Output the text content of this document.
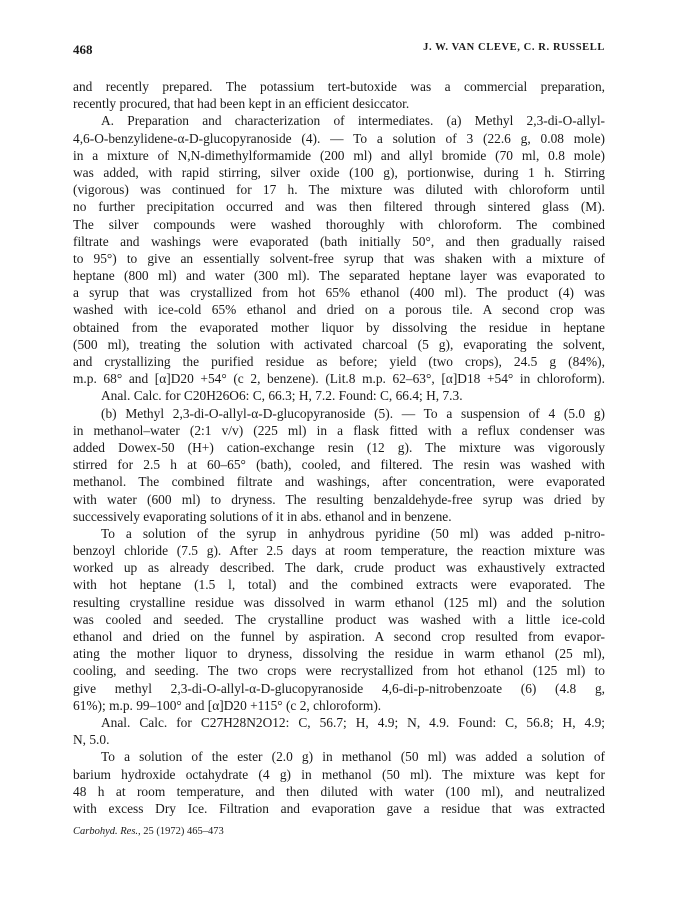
468	J. W. VAN CLEVE, C. R. RUSSELL
and recently prepared. The potassium tert-butoxide was a commercial preparation,
recently procured, that had been kept in an efficient desiccator.
A. Preparation and characterization of intermediates. (a) Methyl 2,3-di-O-allyl-
4,6-O-benzylidene-α-D-glucopyranoside (4). — To a solution of 3 (22.6 g, 0.08 mole)
in a mixture of N,N-dimethylformamide (200 ml) and allyl bromide (70 ml, 0.8 mole)
was added, with rapid stirring, silver oxide (100 g), portionwise, during 1 h. Stirring
(vigorous) was continued for 17 h. The mixture was diluted with chloroform until
no further precipitation occurred and was then filtered through sintered glass (M).
The silver compounds were washed thoroughly with chloroform. The combined
filtrate and washings were evaporated (bath initially 50°, and then gradually raised
to 95°) to give an essentially solvent-free syrup that was shaken with a mixture of
heptane (800 ml) and water (300 ml). The separated heptane layer was evaporated to
a syrup that was crystallized from hot 65% ethanol (400 ml). The product (4) was
washed with ice-cold 65% ethanol and dried on a porous tile. A second crop was
obtained from the evaporated mother liquor by dissolving the residue in heptane
(500 ml), treating the solution with activated charcoal (5 g), evaporating the solvent,
and crystallizing the purified residue as before; yield (two crops), 24.5 g (84%),
m.p. 68° and [α]D20 +54° (c 2, benzene). (Lit.8 m.p. 62–63°, [α]D18 +54° in chloroform).
Anal. Calc. for C20H26O6: C, 66.3; H, 7.2. Found: C, 66.4; H, 7.3.
(b) Methyl 2,3-di-O-allyl-α-D-glucopyranoside (5). — To a suspension of 4 (5.0 g)
in methanol–water (2:1 v/v) (225 ml) in a flask fitted with a reflux condenser was
added Dowex-50 (H+) cation-exchange resin (12 g). The mixture was vigorously
stirred for 2.5 h at 60–65° (bath), cooled, and filtered. The resin was washed with
methanol. The combined filtrate and washings, after concentration, were evaporated
with water (600 ml) to dryness. The resulting benzaldehyde-free syrup was dried by
successively evaporating solutions of it in abs. ethanol and in benzene.
To a solution of the syrup in anhydrous pyridine (50 ml) was added p-nitro-
benzoyl chloride (7.5 g). After 2.5 days at room temperature, the reaction mixture was
worked up as already described. The dark, crude product was exhaustively extracted
with hot heptane (1.5 l, total) and the combined extracts were evaporated. The
resulting crystalline residue was dissolved in warm ethanol (125 ml) and the solution
was cooled and seeded. The crystalline product was washed with a little ice-cold
ethanol and dried on the funnel by aspiration. A second crop resulted from evapor-
ating the mother liquor to dryness, dissolving the residue in warm ethanol (25 ml),
cooling, and seeding. The two crops were recrystallized from hot ethanol (125 ml) to
give methyl 2,3-di-O-allyl-α-D-glucopyranoside 4,6-di-p-nitrobenzoate (6) (4.8 g,
61%); m.p. 99–100° and [α]D20 +115° (c 2, chloroform).
Anal. Calc. for C27H28N2O12: C, 56.7; H, 4.9; N, 4.9. Found: C, 56.8; H, 4.9;
N, 5.0.
To a solution of the ester (2.0 g) in methanol (50 ml) was added a solution of
barium hydroxide octahydrate (4 g) in methanol (50 ml). The mixture was kept for
48 h at room temperature, and then diluted with water (100 ml), and neutralized
with excess Dry Ice. Filtration and evaporation gave a residue that was extracted
Carbohyd. Res., 25 (1972) 465–473
